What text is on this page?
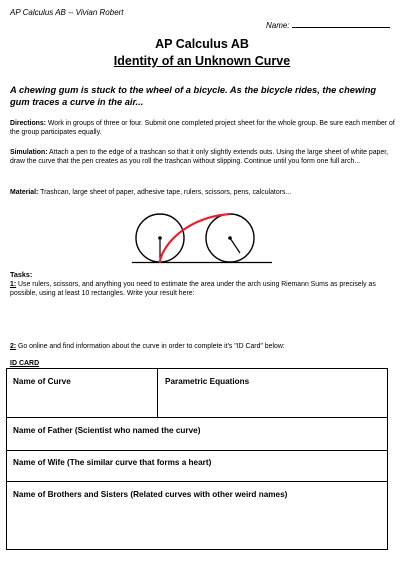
AP Calculus AB -- Vivian Robert
Name:
AP Calculus AB
Identity of an Unknown Curve
A chewing gum is stuck to the wheel of a bicycle. As the bicycle rides, the chewing gum traces a curve in the air...
Directions: Work in groups of three or four. Submit one completed project sheet for the whole group. Be sure each member of the group participates equally.
Simulation: Attach a pen to the edge of a trashcan so that it only slightly extends outs. Using the large sheet of white paper, draw the curve that the pen creates as you roll the trashcan without slipping. Continue until you form one full arch...
Material: Trashcan, large sheet of paper, adhesive tape, rulers, scissors, pens, calculators...
Tasks:
1: Use rulers, scissors, and anything you need to estimate the area under the arch using Riemann Sums as precisely as possible, using at least 10 rectangles. Write your result here:
2: Go online and find information about the curve in order to complete it's "ID Card" below:
ID CARD
Name of Curve	Parametric Equations
Name of Father (Scientist who named the curve)
Name of Wife (The similar curve that forms a heart)
Name of Brothers and Sisters (Related curves with other weird names)
